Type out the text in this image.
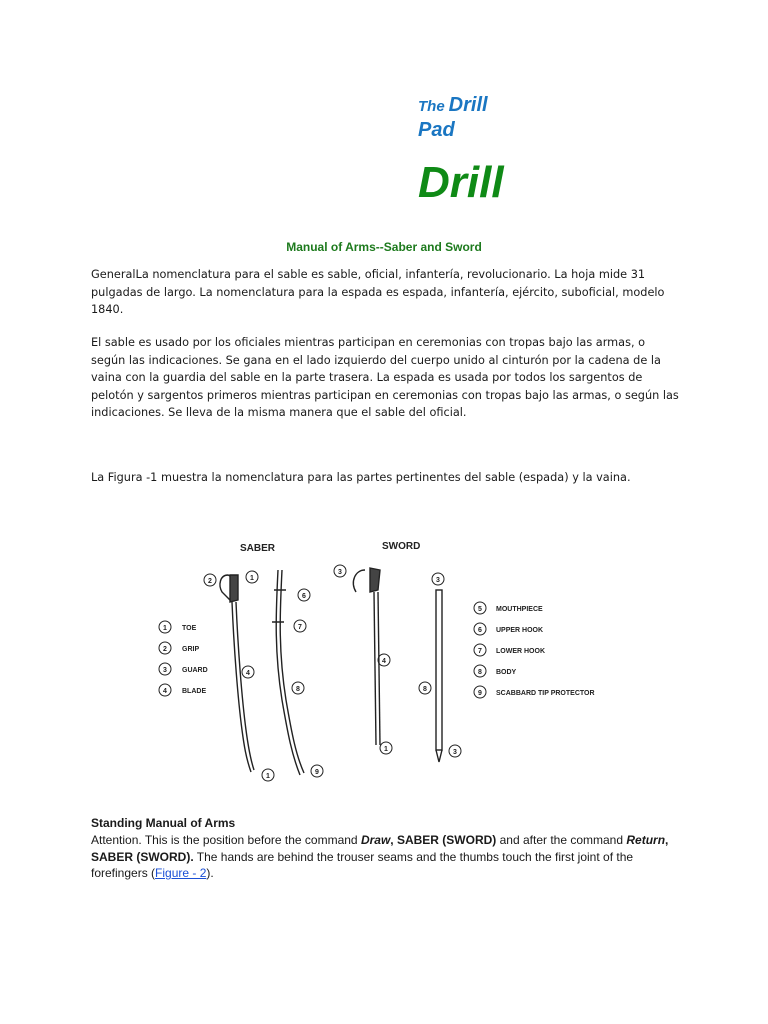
The Drill
Pad
Drill
Manual of Arms--Saber and Sword
GeneralLa nomenclatura para el sable es sable, oficial, infantería, revolucionario. La hoja mide 31 pulgadas de largo. La nomenclatura para la espada es espada, infantería, ejército, suboficial, modelo 1840.
El sable es usado por los oficiales mientras participan en ceremonias con tropas bajo las armas, o según las indicaciones. Se gana en el lado izquierdo del cuerpo unido al cinturón por la cadena de la vaina con la guardia del sable en la parte trasera. La espada es usada por todos los sargentos de pelotón y sargentos primeros mientras participan en ceremonias con tropas bajo las armas, o según las indicaciones. Se lleva de la misma manera que el sable del oficial.
La Figura -1 muestra la nomenclatura para las partes pertinentes del sable (espada) y la vaina.
SABER	SWORD
2	1
6
7
4
8
1
9
3
4
1
3
8
3
1 TOE
2 GRIP
3 GUARD
4 BLADE
5 MOUTHPIECE
6 UPPER HOOK
7 LOWER HOOK
8 BODY
9 SCABBARD TIP PROTECTOR
Standing Manual of Arms
Attention. This is the position before the command Draw, SABER (SWORD) and after the command Return, SABER (SWORD). The hands are behind the trouser seams and the thumbs touch the first joint of the forefingers (Figure - 2).
